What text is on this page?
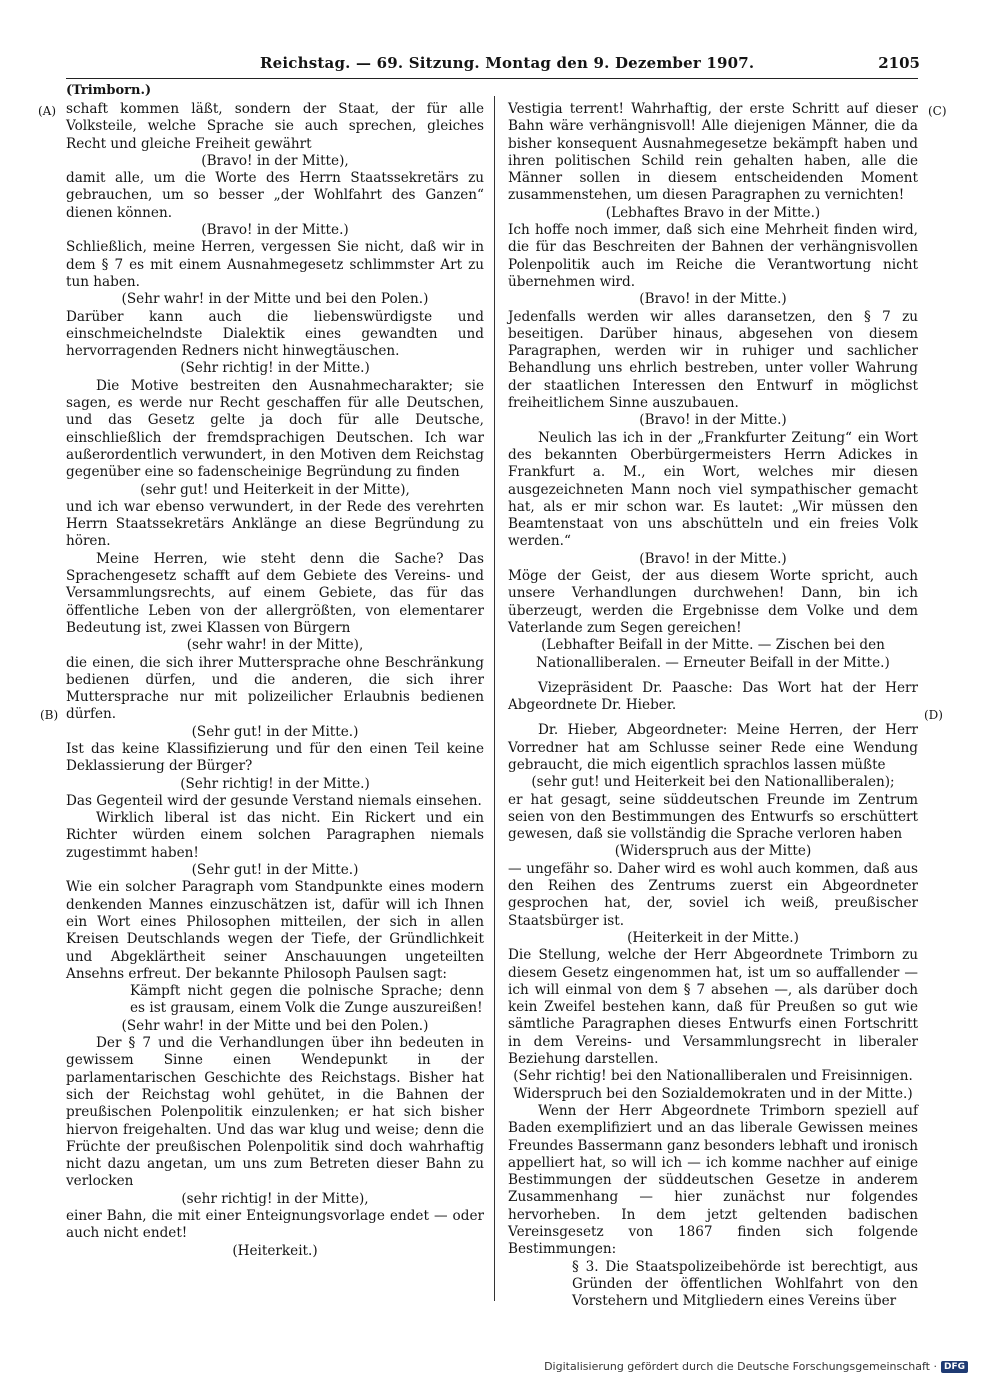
Reichstag. — 69. Sitzung. Montag den 9. Dezember 1907.	2105
(Trimborn.)
(A)
(B)
(C)
(D)

schaft kommen läßt, sondern der Staat, der für alle Volksteile, welche Sprache sie auch sprechen, gleiches Recht und gleiche Freiheit gewährt

(Bravo! in der Mitte),

damit alle, um die Worte des Herrn Staatssekretärs zu gebrauchen, um so besser „der Wohlfahrt des Ganzen“ dienen können.

(Bravo! in der Mitte.)

Schließlich, meine Herren, vergessen Sie nicht, daß wir in dem § 7 es mit einem Ausnahmegesetz schlimmster Art zu tun haben.

(Sehr wahr! in der Mitte und bei den Polen.)

Darüber kann auch die liebenswürdigste und einschmeichelndste Dialektik eines gewandten und hervorragenden Redners nicht hinwegtäuschen.

(Sehr richtig! in der Mitte.)

Die Motive bestreiten den Ausnahmecharakter; sie sagen, es werde nur Recht geschaffen für alle Deutschen, und das Gesetz gelte ja doch für alle Deutsche, einschließlich der fremdsprachigen Deutschen. Ich war außerordentlich verwundert, in den Motiven dem Reichstag gegenüber eine so fadenscheinige Begründung zu finden

(sehr gut! und Heiterkeit in der Mitte),

und ich war ebenso verwundert, in der Rede des verehrten Herrn Staatssekretärs Anklänge an diese Begründung zu hören.

Meine Herren, wie steht denn die Sache? Das Sprachengesetz schafft auf dem Gebiete des Vereins- und Versammlungsrechts, auf einem Gebiete, das für das öffentliche Leben von der allergrößten, von elementarer Bedeutung ist, zwei Klassen von Bürgern

(sehr wahr! in der Mitte),

die einen, die sich ihrer Muttersprache ohne Beschränkung bedienen dürfen, und die anderen, die sich ihrer Muttersprache nur mit polizeilicher Erlaubnis bedienen dürfen.

(Sehr gut! in der Mitte.)

Ist das keine Klassifizierung und für den einen Teil keine Deklassierung der Bürger?

(Sehr richtig! in der Mitte.)

Das Gegenteil wird der gesunde Verstand niemals einsehen.

Wirklich liberal ist das nicht. Ein Rickert und ein Richter würden einem solchen Paragraphen niemals zugestimmt haben!

(Sehr gut! in der Mitte.)

Wie ein solcher Paragraph vom Standpunkte eines modern denkenden Mannes einzuschätzen ist, dafür will ich Ihnen ein Wort eines Philosophen mitteilen, der sich in allen Kreisen Deutschlands wegen der Tiefe, der Gründlichkeit und Abgeklärtheit seiner Anschauungen ungeteilten Ansehns erfreut. Der bekannte Philosoph Paulsen sagt:

Kämpft nicht gegen die polnische Sprache; denn es ist grausam, einem Volk die Zunge auszureißen!

(Sehr wahr! in der Mitte und bei den Polen.)

Der § 7 und die Verhandlungen über ihn bedeuten in gewissem Sinne einen Wendepunkt in der parlamentarischen Geschichte des Reichstags. Bisher hat sich der Reichstag wohl gehütet, in die Bahnen der preußischen Polenpolitik einzulenken; er hat sich bisher hiervon freigehalten. Und das war klug und weise; denn die Früchte der preußischen Polenpolitik sind doch wahrhaftig nicht dazu angetan, um uns zum Betreten dieser Bahn zu verlocken

(sehr richtig! in der Mitte),

einer Bahn, die mit einer Enteignungsvorlage endet — oder auch nicht endet!

(Heiterkeit.)

Vestigia terrent! Wahrhaftig, der erste Schritt auf dieser Bahn wäre verhängnisvoll! Alle diejenigen Männer, die da bisher konsequent Ausnahmegesetze bekämpft haben und ihren politischen Schild rein gehalten haben, alle die Männer sollen in diesem entscheidenden Moment zusammenstehen, um diesen Paragraphen zu vernichten!

(Lebhaftes Bravo in der Mitte.)

Ich hoffe noch immer, daß sich eine Mehrheit finden wird, die für das Beschreiten der Bahnen der verhängnisvollen Polenpolitik auch im Reiche die Verantwortung nicht übernehmen wird.

(Bravo! in der Mitte.)

Jedenfalls werden wir alles daransetzen, den § 7 zu beseitigen. Darüber hinaus, abgesehen von diesem Paragraphen, werden wir in ruhiger und sachlicher Behandlung uns ehrlich bestreben, unter voller Wahrung der staatlichen Interessen den Entwurf in möglichst freiheitlichem Sinne auszubauen.

(Bravo! in der Mitte.)

Neulich las ich in der „Frankfurter Zeitung“ ein Wort des bekannten Oberbürgermeisters Herrn Adickes in Frankfurt a. M., ein Wort, welches mir diesen ausgezeichneten Mann noch viel sympathischer gemacht hat, als er mir schon war. Es lautet: „Wir müssen den Beamtenstaat von uns abschütteln und ein freies Volk werden.“

(Bravo! in der Mitte.)

Möge der Geist, der aus diesem Worte spricht, auch unsere Verhandlungen durchwehen! Dann, bin ich überzeugt, werden die Ergebnisse dem Volke und dem Vaterlande zum Segen gereichen!

(Lebhafter Beifall in der Mitte. — Zischen bei den Nationalliberalen. — Erneuter Beifall in der Mitte.)

Vizepräsident Dr. Paasche: Das Wort hat der Herr Abgeordnete Dr. Hieber.

Dr. Hieber, Abgeordneter: Meine Herren, der Herr Vorredner hat am Schlusse seiner Rede eine Wendung gebraucht, die mich eigentlich sprachlos lassen müßte

(sehr gut! und Heiterkeit bei den Nationalliberalen);

er hat gesagt, seine süddeutschen Freunde im Zentrum seien von den Bestimmungen des Entwurfs so erschüttert gewesen, daß sie vollständig die Sprache verloren haben

(Widerspruch aus der Mitte)

— ungefähr so. Daher wird es wohl auch kommen, daß aus den Reihen des Zentrums zuerst ein Abgeordneter gesprochen hat, der, soviel ich weiß, preußischer Staatsbürger ist.

(Heiterkeit in der Mitte.)

Die Stellung, welche der Herr Abgeordnete Trimborn zu diesem Gesetz eingenommen hat, ist um so auffallender — ich will einmal von dem § 7 absehen —, als darüber doch kein Zweifel bestehen kann, daß für Preußen so gut wie sämtliche Paragraphen dieses Entwurfs einen Fortschritt in dem Vereins- und Versammlungsrecht in liberaler Beziehung darstellen.

(Sehr richtig! bei den Nationalliberalen und Freisinnigen. Widerspruch bei den Sozialdemokraten und in der Mitte.)

Wenn der Herr Abgeordnete Trimborn speziell auf Baden exemplifiziert und an das liberale Gewissen meines Freundes Bassermann ganz besonders lebhaft und ironisch appelliert hat, so will ich — ich komme nachher auf einige Bestimmungen der süddeutschen Gesetze in anderem Zusammenhang — hier zunächst nur folgendes hervorheben. In dem jetzt geltenden badischen Vereinsgesetz von 1867 finden sich folgende Bestimmungen:

§ 3. Die Staatspolizeibehörde ist berechtigt, aus Gründen der öffentlichen Wohlfahrt von den Vorstehern und Mitgliedern eines Vereins über

Digitalisierung gefördert durch die Deutsche Forschungsgemeinschaft · DFG
